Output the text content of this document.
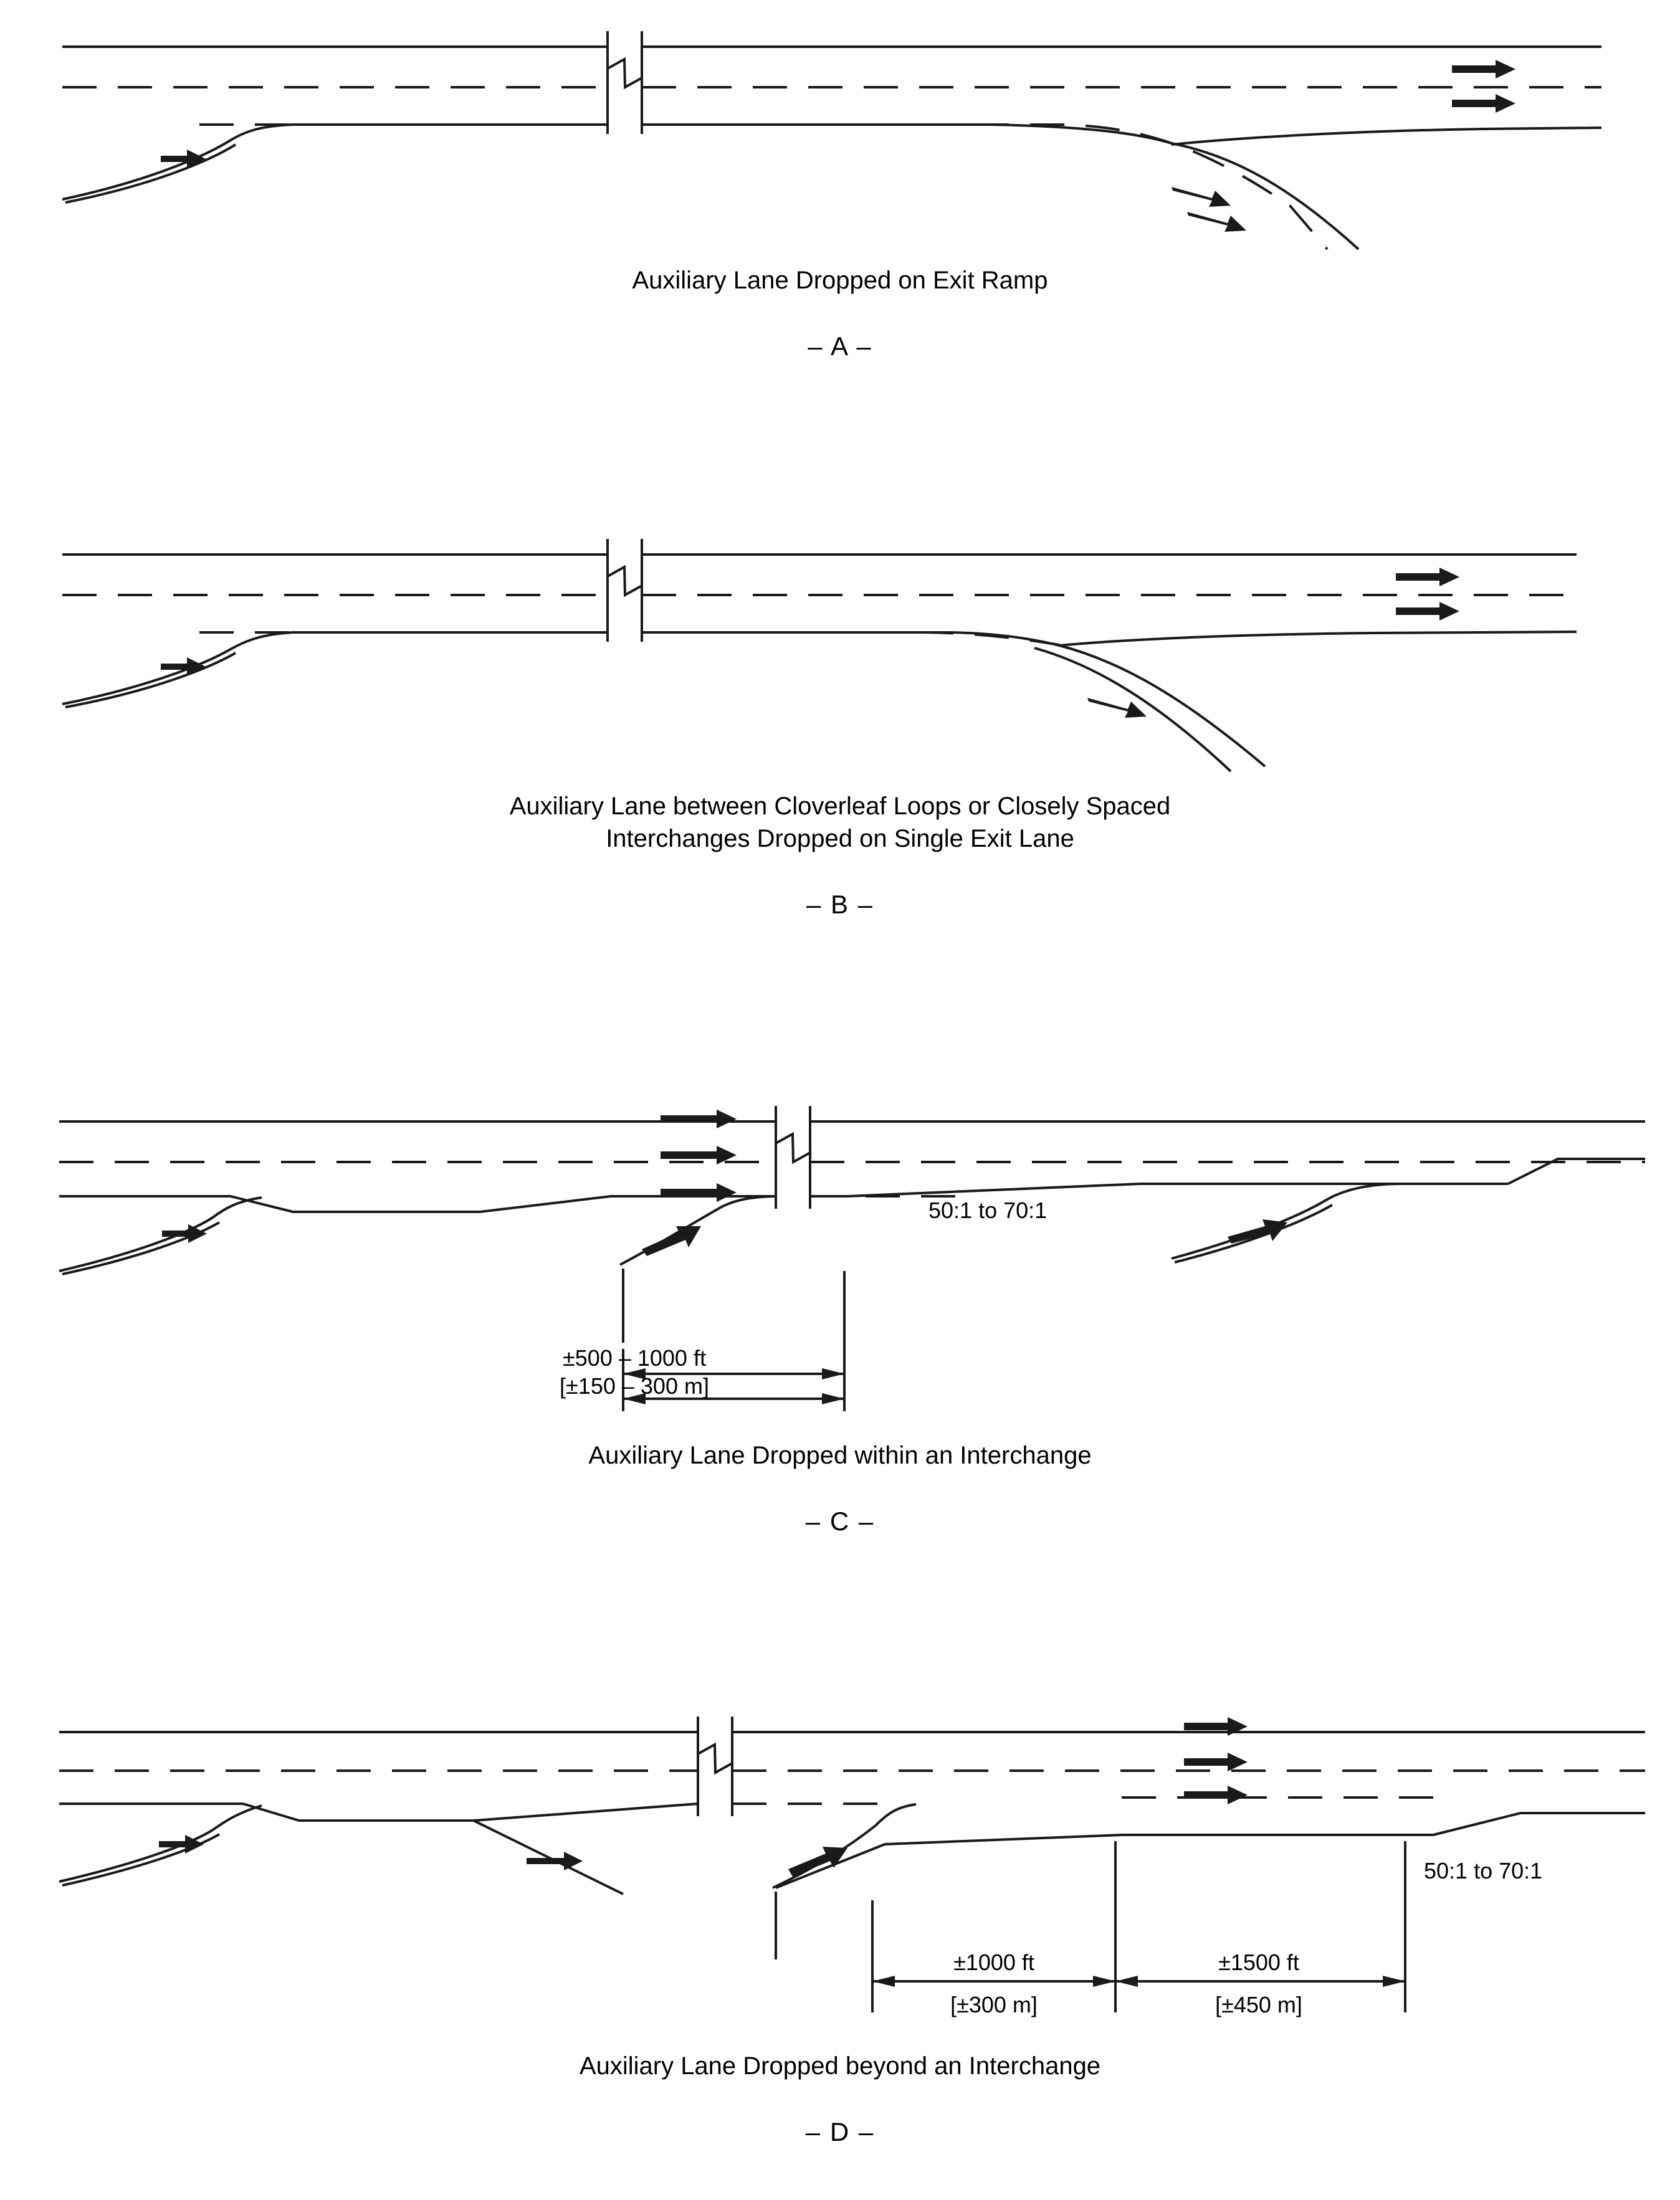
Auxiliary Lane Dropped on Exit Ramp
– A –
Auxiliary Lane between Cloverleaf Loops or Closely Spaced
Interchanges Dropped on Single Exit Lane
– B –
50:1 to 70:1
±500 – 1000 ft
[±150 – 300 m]
Auxiliary Lane Dropped within an Interchange
– C –
50:1 to 70:1
±1000 ft
[±300 m]
±1500 ft
[±450 m]
Auxiliary Lane Dropped beyond an Interchange
– D –
